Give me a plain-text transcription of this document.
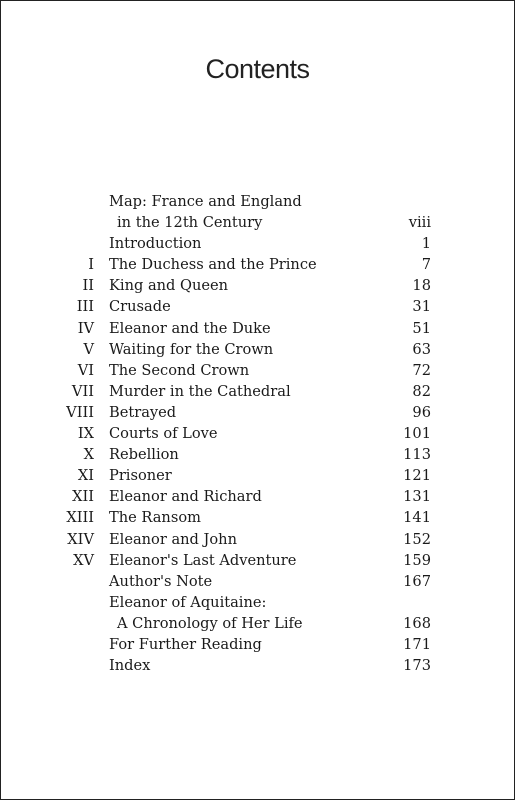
Contents
Map: France and England
in the 12th Century	viii
Introduction	1
I The Duchess and the Prince	7
II King and Queen	18
III Crusade	31
IV Eleanor and the Duke	51
V Waiting for the Crown	63
VI The Second Crown	72
VII Murder in the Cathedral	82
VIII Betrayed	96
IX Courts of Love	101
X Rebellion	113
XI Prisoner	121
XII Eleanor and Richard	131
XIII The Ransom	141
XIV Eleanor and John	152
XV Eleanor's Last Adventure	159
Author's Note	167
Eleanor of Aquitaine:
A Chronology of Her Life	168
For Further Reading	171
Index	173
